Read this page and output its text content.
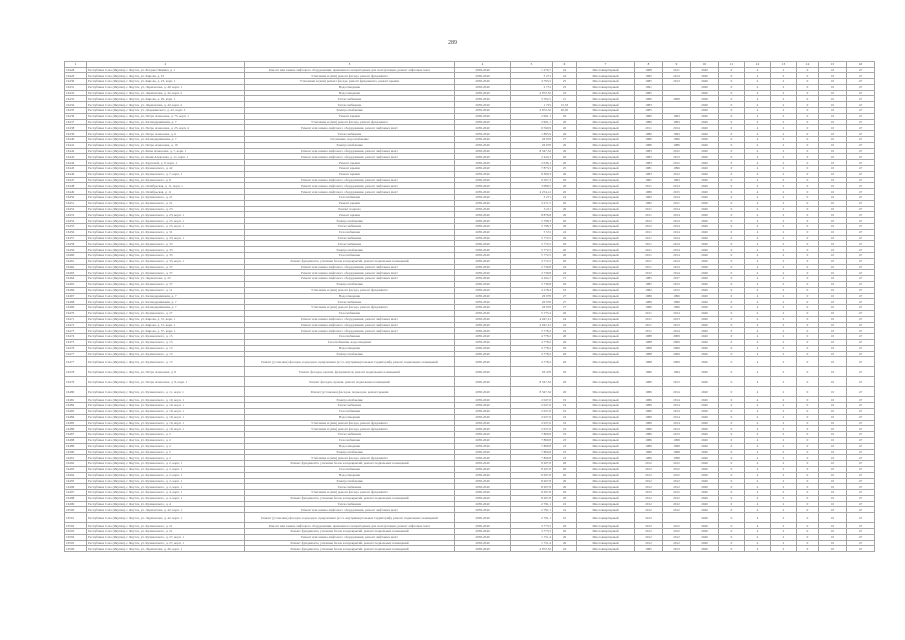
289
1	2	3	4	5	6	7	8	9	10	11	12	13	14	15	16
16428	Республика Саха (Якутия), г. Якутск, ул. Богдана Чижика, д. 1	Ремонт или замена лифтового оборудования, признанного непригодным для эксплуатации, ремонт лифтовых шахт	2038-2040	1 270,7	24	Многоквартирный	1988	2011	2040	0	4	2	0	10	47
16429	Республика Саха (Якутия), г. Якутск, ул. Кирова, д. 23	Утепление и (или) ремонт фасада, ремонт фундамента	2038-2040	5 271	24	Многоквартирный	1982	2014	2040	0	4	2	0	10	47
16430	Республика Саха (Якутия), г. Якутск, ул. Кирова, д. 23, корп. 1	Утепление и (или) ремонт фасада, ремонт фундамента, ремонт крыши	2038-2040	4 793,5	25	Многоквартирный	1985	2013	2040	0	4	2	0	10	47
16431	Республика Саха (Якутия), г. Якутск, ул. Лермонтова, д. 40, корп. 1	Водоотведение	2038-2040	2 731	23	Многоквартирный	1991		2040	0	4	2	0	10	47
16432	Республика Саха (Якутия), г. Якутск, ул. Лермонтова, д. 42, корп. 2	Водоотведение	2038-2040	4 872,32	23	Многоквартирный	1985		2040	0	4	2	0	10	47
16433	Республика Саха (Якутия), г. Якутск, ул. Кирова, д. 29, корп. 1	Теплоснабжение	2038-2040	3 702,5	21	Многоквартирный	1980	2008	2040	0	4	2	0	10	47
16434	Республика Саха (Якутия), г. Якутск, ул. Лермонтова, д. 42, корп. 2	Теплоснабжение	2038-2040	1 701	15,53	Многоквартирный	1983		2040	0	4	2	0	10	47
16435	Республика Саха (Якутия), г. Якутск, ул. Дзержинского, д. 42, корп. 3	Электроснабжение	2038-2040	4 872,32	20,05	Многоквартирный	1985		2040	0	4	2	0	10	47
16436	Республика Саха (Якутия), г. Якутск, ул. Петра Алексеева, д. 75, корп. 1	Ремонт крыши	2038-2040	2 991,1	26	Многоквартирный	1980	1993	2040	0	4	2	0	10	47
16437	Республика Саха (Якутия), г. Якутск, ул. Каландаришвили, д. 7	Утепление и (или) ремонт фасада, ремонт фундамента	2038-2040	2 991,1	26	Многоквартирный	1986	1993	2040	0	4	2	0	10	47
16438	Республика Саха (Якутия), г. Якутск, ул. Петра Алексеева, д. 25, корп. 4	Ремонт или замена лифтового оборудования, ремонт лифтовых шахт	2038-2040	6 590,9	26	Многоквартирный	2011	2014	2040	0	4	2	0	10	47
16439	Республика Саха (Якутия), г. Якутск, ул. Петра Алексеева, д. 6	Теплоснабжение	2038-2040	1 895,9	26	Многоквартирный	1986	1993	2040	0	4	2	0	10	47
16440	Республика Саха (Якутия), г. Якутск, ул. Каландаришвили, д. 7	Отопление, водоснабжение	2038-2040	26 976	27	Многоквартирный	1986	1996	2040	0	4	2	0	10	47
16441	Республика Саха (Якутия), г. Якутск, ул. Петра Алексеева, д. 10	Электроснабжение	2038-2040	26 976	26	Многоквартирный	1986	1986	2040	0	4	2	0	10	47
16442	Республика Саха (Якутия), г. Якутск, ул. Кеша Алексеева, д. 7, корп. 1	Ремонт или замена лифтового оборудования, ремонт лифтовых шахт	2038-2040	8 347,32	26	Многоквартирный	1983	2012	2040	0	4	2	0	10	47
16443	Республика Саха (Якутия), г. Якутск, ул. Кеши Алексеева, д. 11, корп. 1	Ремонт или замена лифтового оборудования, ремонт лифтовых шахт	2038-2040	2 424,3	26	Многоквартирный	1983	2013	2040	0	4	2	0	10	47
16444	Республика Саха (Якутия), г. Якутск, ул. Крупской, д. 9, корп. 1	Ремонт крыши	2038-2040	2 036,1	26	Многоквартирный	1983	2012	2040	0	4	2	0	10	47
16445	Республика Саха (Якутия), г. Якутск, ул. Кулаковского, д. 42	Ремонт крыши	2038-2040	7 873,5	25	Многоквартирный	1981	1996	2040	0	4	2	0	10	47
16446	Республика Саха (Якутия), г. Якутск, ул. Кулаковского, д. 7, корп. 1	Ремонт крыши	2038-2040	8 360,3	26	Многоквартирный	1983	2012	2040	0	4	2	0	10	47
16447	Республика Саха (Якутия), г. Якутск, ул. Кулаковского, д. 8	Ремонт или замена лифтового оборудования, ремонт лифтовых шахт	2038-2040	6 567,3	26	Многоквартирный	1981	1993	2040	0	4	2	0	10	47
16448	Республика Саха (Якутия), г. Якутск, ул. Октябрьская, д. 11, корп. 1	Ремонт или замена лифтового оборудования, ремонт лифтовых шахт	2038-2040	3 089,5	26	Многоквартирный	2011	2014	2040	0	4	2	0	10	47
16449	Республика Саха (Якутия), г. Якутск, ул. Октябрьская, д. 11	Ремонт или замена лифтового оборудования, ремонт лифтовых шахт	2038-2040	4 254,12	26	Многоквартирный	1986	2015	2040	0	4	2	0	10	47
16450	Республика Саха (Якутия), г. Якутск, ул. Кулаковского, д. 21	Газоснабжение	2038-2040	3 271	24	Многоквартирный	1982	2014	2040	0	4	2	0	10	47
16451	Республика Саха (Якутия), г. Якутск, ул. Кулаковского, д. 21	Ремонт крыши	2038-2040	3 271,5	26	Многоквартирный	1982	2011	2040	0	4	2	0	10	47
16452	Республика Саха (Якутия), г. Якутск, ул. Кулаковского, д. 23	Ремонт подвала	2038-2040	3 211	26	Многоквартирный	2011	2014	2040	0	4	2	0	10	47
16453	Республика Саха (Якутия), г. Якутск, ул. Кулаковского, д. 23, корп. 1	Ремонт крыши	2038-2040	8 878,8	26	Многоквартирный	2011	2014	2040	0	4	2	0	10	47
16454	Республика Саха (Якутия), г. Якутск, ул. Кулаковского, д. 25, корп. 1	Электроснабжение	2038-2040	5 798,3	26	Многоквартирный	2012	2014	2040	0	4	2	0	10	47
16455	Республика Саха (Якутия), г. Якутск, ул. Кулаковского, д. 25, корп. 1	Теплоснабжение	2038-2040	5 798,3	26	Многоквартирный	2012	2014	2040	0	4	2	0	10	47
16456	Республика Саха (Якутия), г. Якутск, ул. Кулаковского, д. 31	Газоснабжение	2038-2040	5 531	24	Многоквартирный	2011	2014	2040	0	4	2	0	10	47
16457	Республика Саха (Якутия), г. Якутск, ул. Кулаковского, д. 33, корп. 1	Теплоснабжение	2038-2040	5 772,5	26	Многоквартирный	2011	2014	2040	0	4	2	0	10	47
16458	Республика Саха (Якутия), г. Якутск, ул. Кулаковского, д. 33	Теплоснабжение	2038-2040	5 772,5	26	Многоквартирный	2011	2014	2040	0	4	2	0	10	47
16459	Республика Саха (Якутия), г. Якутск, ул. Кулаковского, д. 33	Электроснабжение	2038-2040	5 772,5	26	Многоквартирный	2011	2014	2040	0	4	2	0	10	47
16460	Республика Саха (Якутия), г. Якутск, ул. Кулаковского, д. 33	Газоснабжение	2038-2040	5 772,5	26	Многоквартирный	2011	2014	2040	0	4	2	0	10	47
16461	Республика Саха (Якутия), г. Якутск, ул. Кулаковского, д. 33, корп. 1	Ремонт фундамента, усиление балок и перекрытий, ремонт подвальных помещений	2038-2040	3 772,5	26	Многоквартирный	2011	2014	2040	0	4	2	0	10	47
16462	Республика Саха (Якутия), г. Якутск, ул. Кулаковского, д. 37	Ремонт или замена лифтового оборудования, ремонт лифтовых шахт	2038-2040	2 739,8	24	Многоквартирный	2011	2014	2040	0	4	2	0	10	47
16463	Республика Саха (Якутия), г. Якутск, ул. Кулаковского, д. 37	Ремонт или замена лифтового оборудования, ремонт лифтовых шахт	2038-2040	2 739,8	24	Многоквартирный	2012	2014	2040	0	4	2	0	10	47
16464	Республика Саха (Якутия), г. Якутск, ул. Лермонтова, д. 22	Ремонт или замена лифтового оборудования, ремонт лифтовых шахт	2038-2040	4 102,7	15	Многоквартирный	1985	2017	2040	0	4	2	0	10	47
16465	Республика Саха (Якутия), г. Якутск, ул. Кулаковского, д. 37	Электроснабжение	2038-2040	5 739,8	26	Многоквартирный	1985	2013	2040	0	4	2	0	10	47
16466	Республика Саха (Якутия), г. Якутск, ул. Кулаковского, д. 11	Утепление и (или) ремонт фасада, ремонт фундамента	2038-2040	4 178,4	16	Многоквартирный	1982	2012	2040	0	4	2	0	10	47
16467	Республика Саха (Якутия), г. Якутск, ул. Каландаришвили, д. 7	Водоотведение	2038-2040	26 976	27	Многоквартирный	1986	1996	2040	0	4	2	0	10	47
16468	Республика Саха (Якутия), г. Якутск, ул. Каландаришвили, д. 7	Теплоснабжение	2038-2040	26 976	27	Многоквартирный	1986	1996	2040	0	4	2	0	10	47
16469	Республика Саха (Якутия), г. Якутск, ул. Каландаришвили, д. 7	Утепление и (или) ремонт фасада, ремонт фундамента	2038-2040	26 976	27	Многоквартирный	1986	1996	2040	0	4	2	0	10	47
16470	Республика Саха (Якутия), г. Якутск, ул. Кулаковского, д. 27	Газоснабжение	2038-2040	5 775,4	26	Многоквартирный	2011	2014	2040	0	4	2	0	10	47
16471	Республика Саха (Якутия), г. Якутск, ул. Кирова, д. 31, корп. 1	Ремонт или замена лифтового оборудования, ремонт лифтовых шахт	2038-2040	4 947,21	24	Многоквартирный	2011	2013	2040	0	4	2	0	10	47
16472	Республика Саха (Якутия), г. Якутск, ул. Кирова, д. 31, корп. 1	Ремонт или замена лифтового оборудования, ремонт лифтовых шахт	2038-2040	4 947,21	24	Многоквартирный	2011	2013	2040	0	4	2	0	10	47
16473	Республика Саха (Якутия), г. Якутск, ул. Кирова, д. 37, корп. 1	Ремонт или замена лифтового оборудования, ремонт лифтовых шахт	2038-2040	5 778,2	24	Многоквартирный	2011	2014	2040	0	4	2	0	10	47
16474	Республика Саха (Якутия), г. Якутск, ул. Кулаковского, д. 15	Газоснабжение	2038-2040	4 778,2	26	Многоквартирный	1988	2009	2040	0	4	2	0	10	47
16475	Республика Саха (Якутия), г. Якутск, ул. Кулаковского, д. 15	Газоснабжение, водоотведение	2038-2040	4 778,2	26	Многоквартирный	1988	2009	2040	0	4	2	0	10	47
16476	Республика Саха (Якутия), г. Якутск, ул. Кулаковского, д. 15	Водоотведение	2038-2040	4 778,2	26	Многоквартирный	1988	2009	2040	0	4	2	0	10	47
16477	Республика Саха (Якутия), г. Якутск, ул. Кулаковского, д. 15	Электроснабжение	2038-2040	4 778,2	26	Многоквартирный	1988	2009	2040	0	4	2	0	10	47
16477	Республика Саха (Якутия), г. Якутск, ул. Кулаковского, д. 15	Ремонт (установка) фасадов, подъездов, придомовых (в т.ч. внутриквартальных территорий), ремонт подвальных помещений	2038-2040	4 778,2	26	Многоквартирный	1988	2009	2040	0	4	2	0	10	47
16478	Республика Саха (Якутия), г. Якутск, ул. Петра Алексеева, д. 8	Ремонт фасадов, кровли, фундаментов, ремонт подвальных помещений	2038-2040	26 476	26	Многоквартирный	1986	1994	2040	0	4	2	0	10	47
16479	Республика Саха (Якутия), г. Якутск, ул. Петра Алексеева, д. 8, корп. 1	Ремонт фасадов, кровли, ремонт подвальных помещений	2038-2040	8 347,32	26	Многоквартирный	1986	2013	2040	0	4	2	0	10	47
16480	Республика Саха (Якутия), г. Якутск, ул. Кулаковского, д. 11, корп. 1	Ремонт (установка) фасадов, подъездов, ремонт крыши	2038-2040	8 347,32	26	Многоквартирный	1986	2014	2040	0	4	2	0	10	47
16481	Республика Саха (Якутия), г. Якутск, ул. Кулаковского, д. 19, корп. 1	Электроснабжение	2038-2040	2 027,6	19	Многоквартирный	1986	2014	2040	0	4	2	0	10	47
16482	Республика Саха (Якутия), г. Якутск, ул. Кулаковского, д. 19, корп. 1	Теплоснабжение	2038-2040	2 027,6	19	Многоквартирный	1986	2014	2040	0	4	2	0	10	47
16483	Республика Саха (Якутия), г. Якутск, ул. Кулаковского, д. 19, корп. 1	Газоснабжение	2038-2040	2 027,6	19	Многоквартирный	1986	2014	2040	0	4	2	0	10	47
16484	Республика Саха (Якутия), г. Якутск, ул. Кулаковского, д. 19, корп. 1	Водоотведение	2038-2040	2 027,6	19	Многоквартирный	1986	2014	2040	0	4	2	0	10	47
16485	Республика Саха (Якутия), г. Якутск, ул. Кулаковского, д. 19, корп. 1	Утепление и (или) ремонт фасада, ремонт фундамента	2038-2040	2 027,6	19	Многоквартирный	1986	2014	2040	0	4	2	0	10	47
16486	Республика Саха (Якутия), г. Якутск, ул. Кулаковского, д. 19, корп. 1	Утепление и (или) ремонт фасада, ремонт фундамента	2038-2040	2 027,6	19	Многоквартирный	1986	2014	2040	0	4	2	0	10	47
16487	Республика Саха (Якутия), г. Якутск, ул. Кулаковского, д. 2	Теплоснабжение	2038-2040	7 860,8	23	Многоквартирный	1986	2013	2040	0	4	2	0	10	47
16488	Республика Саха (Якутия), г. Якутск, ул. Кулаковского, д. 2	Газоснабжение	2038-2040	7 860,8	23	Многоквартирный	1986	1998	2040	0	4	2	0	10	47
16489	Республика Саха (Якутия), г. Якутск, ул. Кулаковского, д. 2	Водоотведение	2038-2040	7 860,8	23	Многоквартирный	1986	1998	2040	0	4	2	0	10	47
16490	Республика Саха (Якутия), г. Якутск, ул. Кулаковского, д. 2	Электроснабжение	2038-2040	7 860,8	23	Многоквартирный	1986	1998	2040	0	4	2	0	10	47
16491	Республика Саха (Якутия), г. Якутск, ул. Кулаковского, д. 2	Утепление и (или) ремонт фасада, ремонт фундамента	2038-2040	7 860,8	23	Многоквартирный	1986	1998	2040	0	4	2	0	10	47
16492	Республика Саха (Якутия), г. Якутск, ул. Кулаковского, д. 2, корп. 1	Ремонт фундамента, усиление балок и перекрытий, ремонт подвальных помещений	2038-2040	8 207,8	26	Многоквартирный	2012	2012	2040	0	4	2	0	10	47
16493	Республика Саха (Якутия), г. Якутск, ул. Кулаковского, д. 2, корп. 1	Газоснабжение	2038-2040	8 207,8	26	Многоквартирный	2012	2012	2040	0	4	2	0	10	47
16494	Республика Саха (Якутия), г. Якутск, ул. Кулаковского, д. 2, корп. 1	Водоотведение	2038-2040	8 207,8	26	Многоквартирный	2012	2012	2040	0	4	2	0	10	47
16495	Республика Саха (Якутия), г. Якутск, ул. Кулаковского, д. 2, корп. 1	Электроснабжение	2038-2040	8 207,8	26	Многоквартирный	2012	2012	2040	0	4	2	0	10	47
16496	Республика Саха (Якутия), г. Якутск, ул. Кулаковского, д. 2, корп. 1	Теплоснабжение	2038-2040	8 207,8	26	Многоквартирный	2012	2012	2040	0	4	2	0	10	47
16497	Республика Саха (Якутия), г. Якутск, ул. Кулаковского, д. 4, корп. 1	Утепление и (или) ремонт фасада, ремонт фундамента	2038-2040	8 207,8	26	Многоквартирный	2012	2012	2040	0	4	2	0	10	47
16498	Республика Саха (Якутия), г. Якутск, ул. Кулаковского, д. 4, корп. 1	Ремонт фундамента, усиление балок и перекрытий, ремонт подвальных помещений	2038-2040	8 207,8	26	Многоквартирный	2012	2012	2040	0	4	2	0	10	47
16499	Республика Саха (Якутия), г. Якутск, ул. Кулаковского, д. 4	Теплоснабжение	2038-2040	2 791,1	16	Многоквартирный	2012	2012	2040	0	4	2	0	10	47
16500	Республика Саха (Якутия), г. Якутск, ул. Лермонтова, д. 42, корп. 1	Ремонт или замена лифтового оборудования, ремонт лифтовых шахт	2038-2040	2 791,1	16	Многоквартирный	2012	2012	2040	0	4	2	0	10	47
16501	Республика Саха (Якутия), г. Якутск, ул. Лермонтова, д. 42, корп. 1	Ремонт (установка) фасадов, подъездов, придомовых (в т.ч. внутриквартальных территорий), ремонт подвальных помещений	2038-2040	2 791,1	16	Многоквартирный	2012		2040	0	4	2	0	10	47
16502	Республика Саха (Якутия), г. Якутск, ул. Кулаковского, д. 21	Ремонт или замена лифтового оборудования, признанного непригодным для эксплуатации, ремонт лифтовых шахт	2038-2040	3 773,5	26	Многоквартирный	2012	2012	2040	0	4	2	0	10	47
16503	Республика Саха (Якутия), г. Якутск, ул. Кулаковского, д. 21	Ремонт фундамента, усиление балок и перекрытий, ремонт подвальных помещений	2038-2040	3 773,5	26	Многоквартирный	2012	2012	2040	0	4	2	0	10	47
16504	Республика Саха (Якутия), г. Якутск, ул. Кулаковского, д. 27, корп. 1	Ремонт или замена лифтового оборудования, ремонт лифтовых шахт	2038-2040	1 751,4	26	Многоквартирный	2012	2012	2040	0	4	2	0	10	47
16505	Республика Саха (Якутия), г. Якутск, ул. Кулаковского, д. 27, корп. 1	Ремонт фундамента, усиление балок и перекрытий, ремонт подвальных помещений	2038-2040	1 751,4	26	Многоквартирный	2012	2012	2040	0	4	2	0	10	47
16506	Республика Саха (Якутия), г. Якутск, ул. Лермонтова, д. 40, корп. 1	Ремонт фундамента, усиление балок и перекрытий, ремонт подвальных помещений	2038-2040	4 872,32	24	Многоквартирный	1985	2013	2040	0	4	2	0	10	47
